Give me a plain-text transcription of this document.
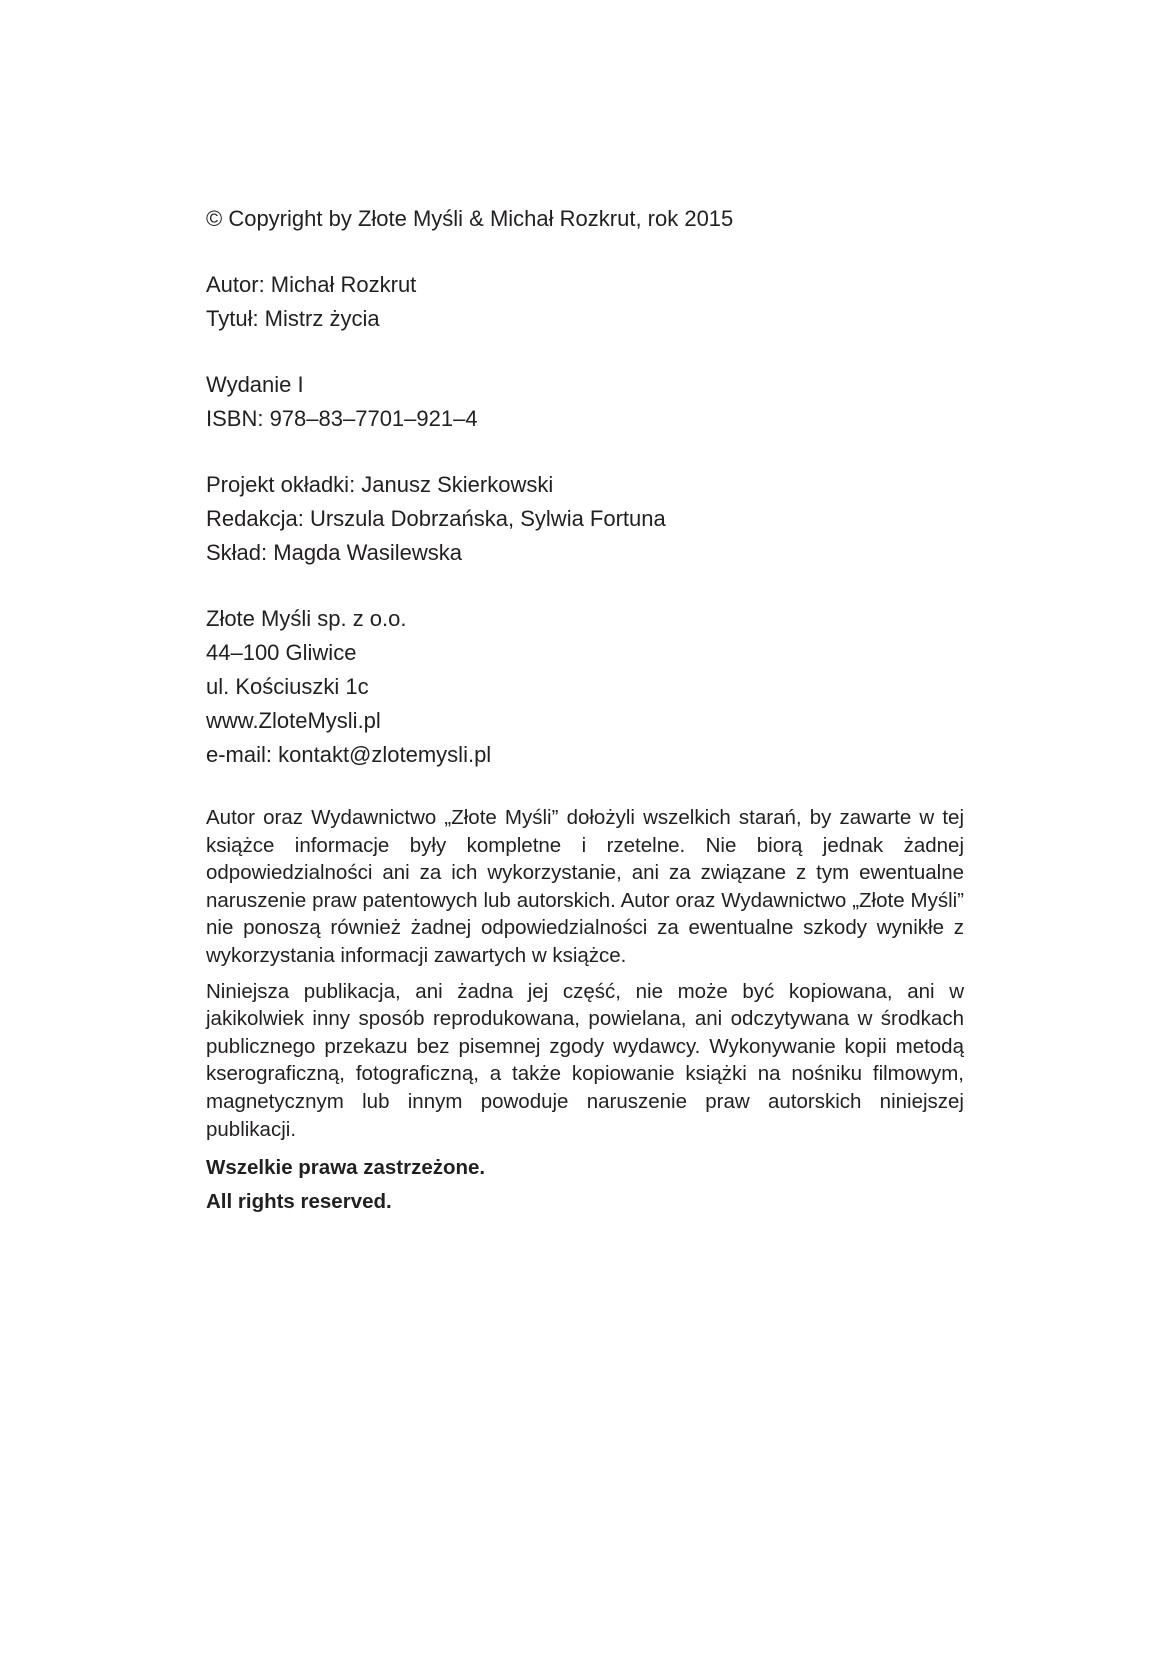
© Copyright by Złote Myśli & Michał Rozkrut, rok 2015

Autor: Michał Rozkrut

Tytuł: Mistrz życia

Wydanie I

ISBN: 978–83–7701–921–4

Projekt okładki: Janusz Skierkowski

Redakcja: Urszula Dobrzańska, Sylwia Fortuna

Skład: Magda Wasilewska

Złote Myśli sp. z o.o.

44–100 Gliwice

ul. Kościuszki 1c

www.ZloteMysli.pl

e-mail: kontakt@zlotemysli.pl

Autor oraz Wydawnictwo „Złote Myśli” dołożyli wszelkich starań, by zawarte w tej książce informacje były kompletne i rzetelne. Nie biorą jednak żadnej odpowiedzialności ani za ich wykorzystanie, ani za związane z tym ewentualne naruszenie praw patentowych lub autorskich. Autor oraz Wydawnictwo „Złote Myśli” nie ponoszą również żadnej odpowiedzialności za ewentualne szkody wynikłe z wykorzystania informacji zawartych w książce.

Niniejsza publikacja, ani żadna jej część, nie może być kopiowana, ani w jakikolwiek inny sposób reprodukowana, powielana, ani odczytywana w środkach publicznego przekazu bez pisemnej zgody wydawcy. Wykonywanie kopii metodą kserograficzną, fotograficzną, a także kopiowanie książki na nośniku filmowym, magnetycznym lub innym powoduje naruszenie praw autorskich niniejszej publikacji.

Wszelkie prawa zastrzeżone.

All rights reserved.
